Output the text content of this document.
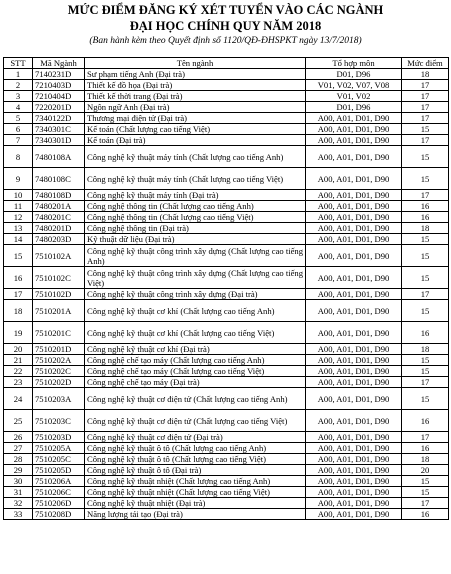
MỨC ĐIỂM ĐĂNG KÝ XÉT TUYỂN VÀO CÁC NGÀNH
ĐẠI HỌC CHÍNH QUY NĂM 2018
(Ban hành kèm theo Quyết định số 1120/QĐ-ĐHSPKT ngày 13/7/2018)
STT	Mã Ngành	Tên ngành	Tổ hợp môn	Mức điểm
1	7140231D	Sư phạm tiếng Anh (Đại trà)	D01, D96	18
2	7210403D	Thiết kế đồ họa (Đại trà)	V01, V02, V07, V08	17
3	7210404D	Thiết kế thời trang (Đại trà)	V01, V02	17
4	7220201D	Ngôn ngữ Anh (Đại trà)	D01, D96	17
5	7340122D	Thương mại điện tử (Đại trà)	A00, A01, D01, D90	17
6	7340301C	Kế toán (Chất lượng cao tiếng Việt)	A00, A01, D01, D90	15
7	7340301D	Kế toán (Đại trà)	A00, A01, D01, D90	17
8	7480108A	Công nghệ kỹ thuật máy tính (Chất lượng cao tiếng Anh)	A00, A01, D01, D90	15
9	7480108C	Công nghệ kỹ thuật máy tính (Chất lượng cao tiếng Việt)	A00, A01, D01, D90	15
10	7480108D	Công nghệ kỹ thuật máy tính (Đại trà)	A00, A01, D01, D90	17
11	7480201A	Công nghệ thông tin (Chất lượng cao tiếng Anh)	A00, A01, D01, D90	16
12	7480201C	Công nghệ thông tin (Chất lượng cao tiếng Việt)	A00, A01, D01, D90	16
13	7480201D	Công nghệ thông tin (Đại trà)	A00, A01, D01, D90	18
14	7480203D	Kỹ thuật dữ liệu (Đại trà)	A00, A01, D01, D90	15
15	7510102A	Công nghệ kỹ thuật công trình xây dựng (Chất lượng cao tiếng Anh)	A00, A01, D01, D90	15
16	7510102C	Công nghệ kỹ thuật công trình xây dựng (Chất lượng cao tiếng Việt)	A00, A01, D01, D90	15
17	7510102D	Công nghệ kỹ thuật công trình xây dựng (Đại trà)	A00, A01, D01, D90	17
18	7510201A	Công nghệ kỹ thuật cơ khí (Chất lượng cao tiếng Anh)	A00, A01, D01, D90	15
19	7510201C	Công nghệ kỹ thuật cơ khí (Chất lượng cao tiếng Việt)	A00, A01, D01, D90	16
20	7510201D	Công nghệ kỹ thuật cơ khí (Đại trà)	A00, A01, D01, D90	18
21	7510202A	Công nghệ chế tạo máy (Chất lượng cao tiếng Anh)	A00, A01, D01, D90	15
22	7510202C	Công nghệ chế tạo máy (Chất lượng cao tiếng Việt)	A00, A01, D01, D90	15
23	7510202D	Công nghệ chế tạo máy (Đại trà)	A00, A01, D01, D90	17
24	7510203A	Công nghệ kỹ thuật cơ điện tử (Chất lượng cao tiếng Anh)	A00, A01, D01, D90	15
25	7510203C	Công nghệ kỹ thuật cơ điện tử (Chất lượng cao tiếng Việt)	A00, A01, D01, D90	16
26	7510203D	Công nghệ kỹ thuật cơ điện tử (Đại trà)	A00, A01, D01, D90	17
27	7510205A	Công nghệ kỹ thuật ô tô (Chất lượng cao tiếng Anh)	A00, A01, D01, D90	16
28	7510205C	Công nghệ kỹ thuật ô tô (Chất lượng cao tiếng Việt)	A00, A01, D01, D90	18
29	7510205D	Công nghệ kỹ thuật ô tô (Đại trà)	A00, A01, D01, D90	20
30	7510206A	Công nghệ kỹ thuật nhiệt (Chất lượng cao tiếng Anh)	A00, A01, D01, D90	15
31	7510206C	Công nghệ kỹ thuật nhiệt (Chất lượng cao tiếng Việt)	A00, A01, D01, D90	15
32	7510206D	Công nghệ kỹ thuật nhiệt (Đại trà)	A00, A01, D01, D90	17
33	7510208D	Năng lượng tái tạo (Đại trà)	A00, A01, D01, D90	16
